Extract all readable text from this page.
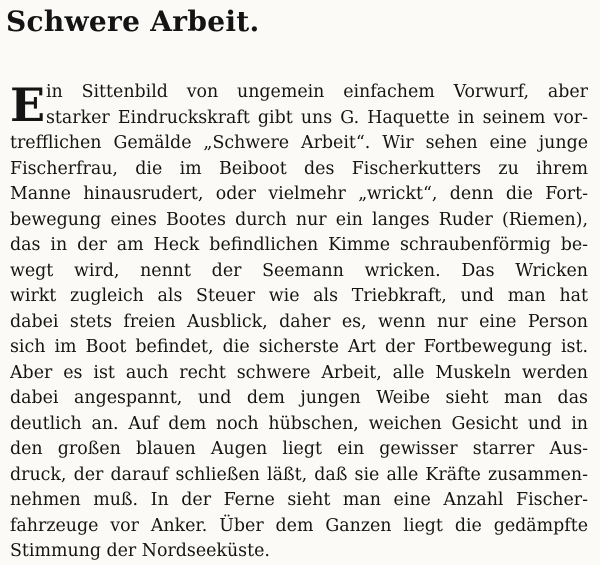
Schwere Arbeit.
E in Sittenbild von ungemein einfachem Vorwurf, aber
starker Eindruckskraft gibt uns G. Haquette in seinem vor-
trefflichen Gemälde „Schwere Arbeit“. Wir sehen eine junge
Fischerfrau, die im Beiboot des Fischerkutters zu ihrem
Manne hinausrudert, oder vielmehr „wrickt“, denn die Fort-
bewegung eines Bootes durch nur ein langes Ruder (Riemen),
das in der am Heck befindlichen Kimme schraubenförmig be-
wegt wird, nennt der Seemann wricken. Das Wricken
wirkt zugleich als Steuer wie als Triebkraft, und man hat
dabei stets freien Ausblick, daher es, wenn nur eine Person
sich im Boot befindet, die sicherste Art der Fortbewegung ist.
Aber es ist auch recht schwere Arbeit, alle Muskeln werden
dabei angespannt, und dem jungen Weibe sieht man das
deutlich an. Auf dem noch hübschen, weichen Gesicht und in
den großen blauen Augen liegt ein gewisser starrer Aus-
druck, der darauf schließen läßt, daß sie alle Kräfte zusammen-
nehmen muß. In der Ferne sieht man eine Anzahl Fischer-
fahrzeuge vor Anker. Über dem Ganzen liegt die gedämpfte
Stimmung der Nordseeküste.
